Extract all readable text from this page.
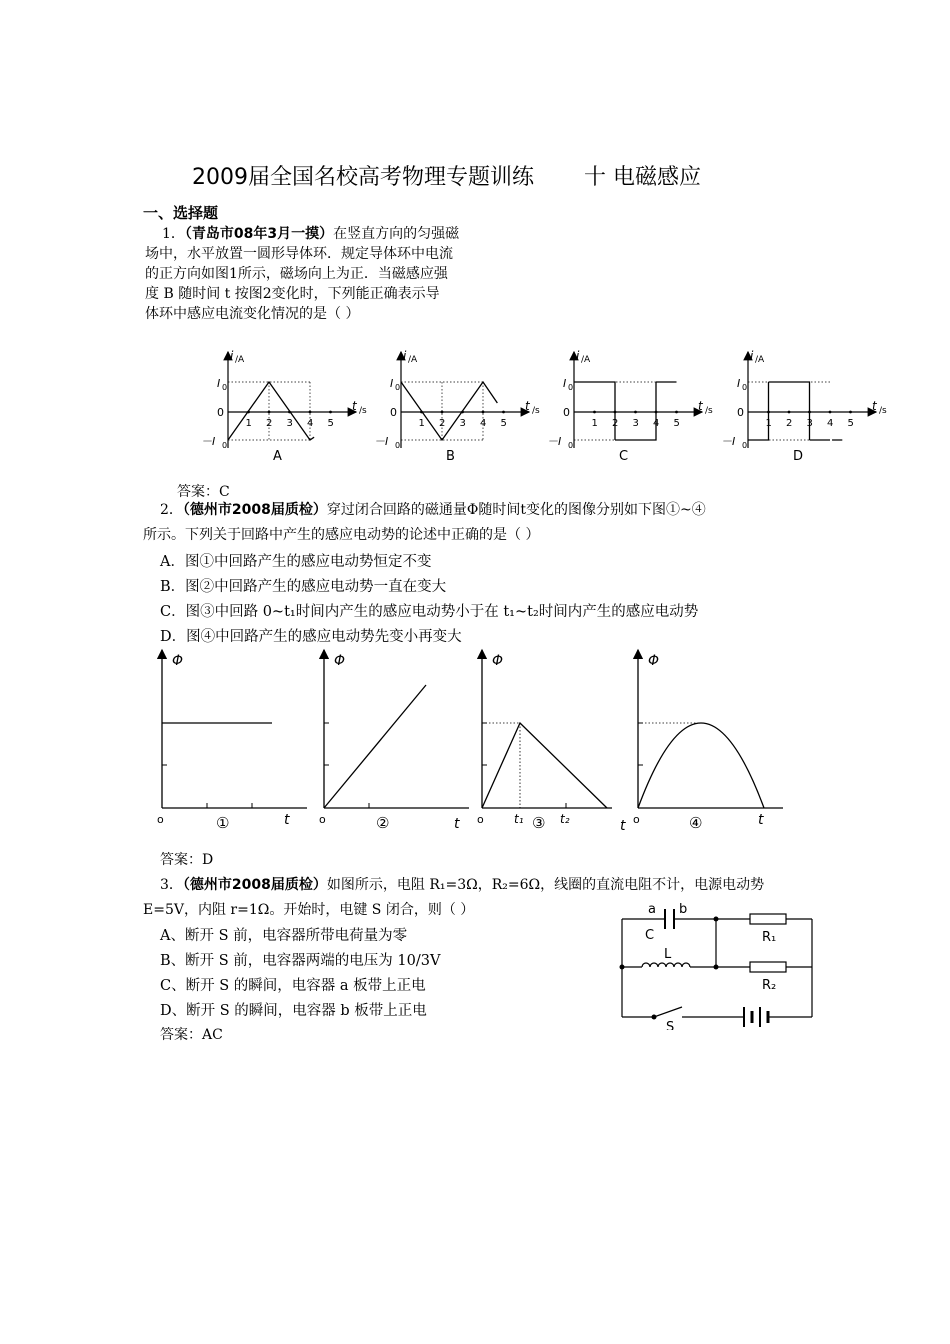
2009届全国名校高考物理专题训练 十 电磁感应
一、选择题
1．（青岛市08年3月一摸）在竖直方向的匀强磁
场中，水平放置一圆形导体环．规定导体环中电流
的正方向如图1所示，磁场向上为正．当磁感应强
度 B 随时间 t 按图2变化时，下列能正确表示导
体环中感应电流变化情况的是（ ）
1 2 3 4 5
i /A
t /s
I 0
0
－I 0
A
1 2 3 4 5
i /A
t /s
I 0
0
－I 0
B
1 2 3 4 5
i /A
t /s
I 0
0
－I 0
C
1 2 3 4 5
i /A
t /s
I 0
0
－I 0
D
答案：C
2．（德州市2008届质检）穿过闭合回路的磁通量Φ随时间t变化的图像分别如下图①~④
所示。下列关于回路中产生的感应电动势的论述中正确的是（ ）
A．图①中回路产生的感应电动势恒定不变
B．图②中回路产生的感应电动势一直在变大
C．图③中回路 0~t₁时间内产生的感应电动势小于在 t₁~t₂时间内产生的感应电动势
D．图④中回路产生的感应电动势先变小再变大
Φ
o	t
①
Φ
o	t
②	t₁	t₂
Φ
o	t
③
Φ
o	t
④
答案：D
3．（德州市2008届质检）如图所示，电阻 R₁=3Ω，R₂=6Ω，线圈的直流电阻不计，电源电动势
E=5V，内阻 r=1Ω。开始时，电键 S 闭合，则（ ）
A、断开 S 前，电容器所带电荷量为零
B、断开 S 前，电容器两端的电压为 10/3V
C、断开 S 的瞬间，电容器 a 板带上正电
D、断开 S 的瞬间，电容器 b 板带上正电
答案：AC
a b
C
L
R₁
R₂
S
